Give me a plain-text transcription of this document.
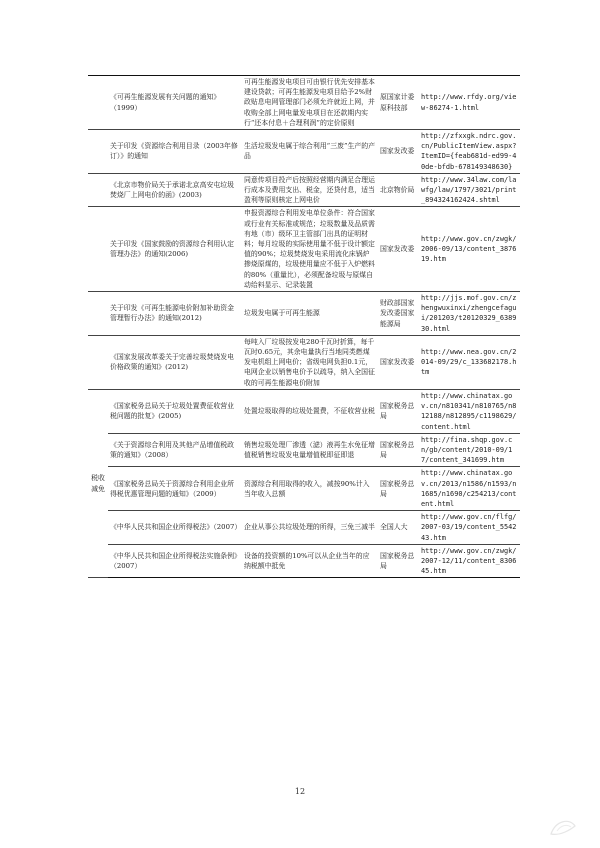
	《可再生能源发展有关问题的通知》（1999）	可再生能源发电项目可由银行优先安排基本建设贷款；可再生能源发电项目给予2%财政贴息电网管理部门必须允许就近上网，并收购全部上网电量发电项目在还款期内实行“还本付息＋合理利润”的定价原则	原国家计委原科技部	http://www.rfdy.org/view-86274-1.html
	关于印发《资源综合利用目录（2003年修订）》的通知	生活垃圾发电属于综合利用“三废”生产的产品	国家发改委	http://zfxxgk.ndrc.gov.cn/PublicItemView.aspx?ItemID={feab681d-ed99-40de-bfdb-678149348630}
	《北京市物价局关于承诺北京高安屯垃圾焚烧厂上网电价的函》(2003)	同意传项目投产后按照经营期内满足合理运行成本及费用支出、税金，还贷付息，适当盈利等原则核定上网电价	北京物价局	http://www.34law.com/lawfg/law/1797/3021/print_894324162424.shtml
	关于印发《国家鼓励的资源综合利用认定管理办法》的通知(2006)	申报资源综合利用发电单位条件：符合国家或行业有关标准或规范；垃圾数量及品质需有地（市）级环卫主管部门出具的证明材料；每月垃圾的实际使用量不低于设计额定值的90%；垃圾焚烧发电采用流化床锅炉掺烧原煤的，垃圾使用量应不低于入炉燃料的80%（重量比），必须配备垃圾与原煤自动给料显示、记录装置	国家发改委	http://www.gov.cn/zwgk/2006-09/13/content_387619.htm
	关于印发《可再生能源电价附加补助资金管理暂行办法》的通知(2012)	垃圾发电属于可再生能源	财政部国家发改委国家能源局	http://jjs.mof.gov.cn/zhengwuxinxi/zhengcefagui/201203/t20120329_638930.html
	《国家发展改革委关于完善垃圾焚烧发电价格政策的通知》(2012)	每吨入厂垃圾按发电280千瓦时折算，每千瓦时0.65元，其余电量执行当地同类燃煤发电机组上网电价；省级电网负担0.1元，电网企业以销售电价予以疏导，纳入全国征收的可再生能源电价附加	国家发改委	http://www.nea.gov.cn/2014-09/29/c_133682178.htm
税收减免	《国家税务总局关于垃圾处置费征收营业税问题的批复》(2005)	处置垃圾取得的垃圾处置费，不征收营业税	国家税务总局	http://www.chinatax.gov.cn/n810341/n810765/n812188/n812895/c1198629/content.html
	《关于资源综合利用及其他产品增值税政策的通知》（2008）	销售垃圾处理厂渗透（滤）液再生水免征增值税销售垃圾发电量增值税即征即退	国家税务总局	http://fina.shqp.gov.cn/gb/content/2010-09/17/content_341699.htm
	《国家税务总局关于资源综合利用企业所得税优惠管理问题的通知》（2009）	资源综合利用取得的收入，减按90%计入当年收入总额	国家税务总局	http://www.chinatax.gov.cn/2013/n1586/n1593/n1685/n1690/c254213/content.html
	《中华人民共和国企业所得税法》（2007）	企业从事公共垃圾处理的所得，三免三减半	全国人大	http://www.gov.cn/flfg/2007-03/19/content_554243.htm
	《中华人民共和国企业所得税法实施条例》（2007）	设备的投资额的10%可以从企业当年的应纳税额中抵免	国家税务总局	http://www.gov.cn/zwgk/2007-12/11/content_830645.htm
12
